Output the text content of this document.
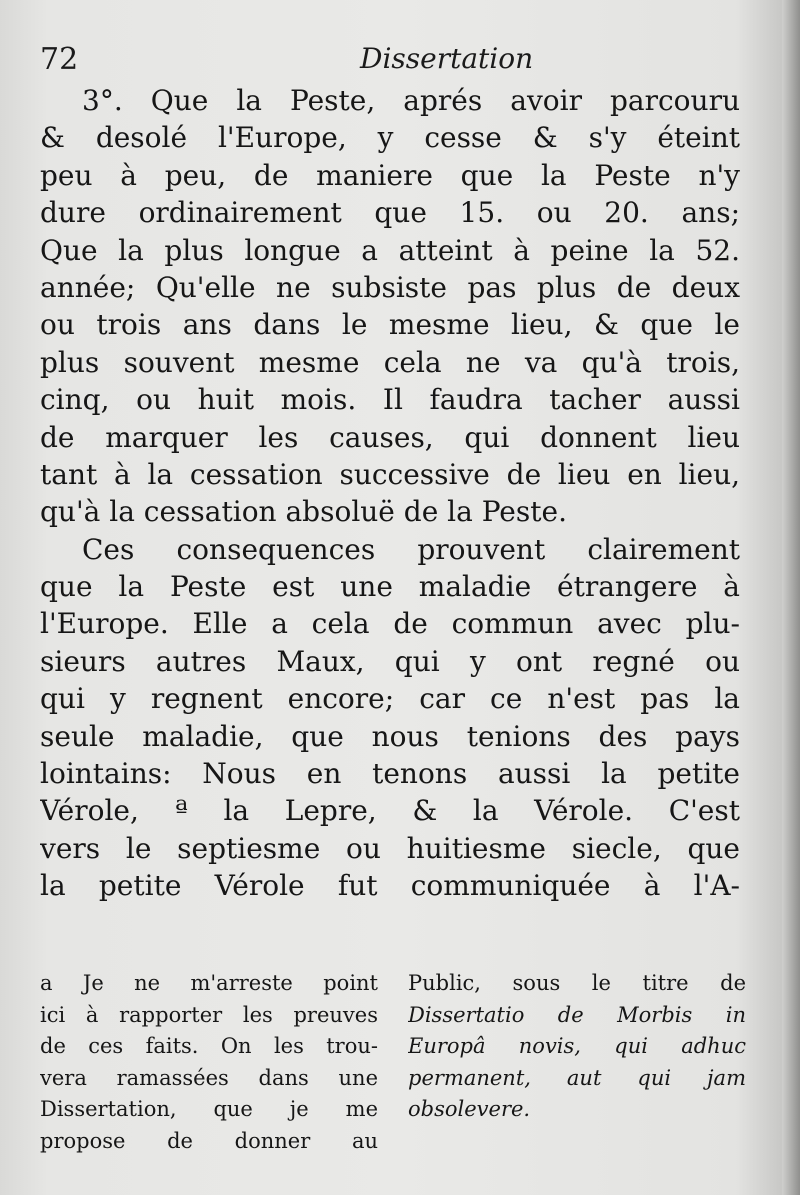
72	Dissertation
3°. Que la Peste, aprés avoir parcouru
& desolé l'Europe, y cesse & s'y éteint
peu à peu, de maniere que la Peste n'y
dure ordinairement que 15. ou 20. ans;
Que la plus longue a atteint à peine la 52.
année; Qu'elle ne subsiste pas plus de deux
ou trois ans dans le mesme lieu, & que le
plus souvent mesme cela ne va qu'à trois,
cinq, ou huit mois. Il faudra tacher aussi
de marquer les causes, qui donnent lieu
tant à la cessation successive de lieu en lieu,
qu'à la cessation absoluë de la Peste.
Ces consequences prouvent clairement
que la Peste est une maladie étrangere à
l'Europe. Elle a cela de commun avec plu-
sieurs autres Maux, qui y ont regné ou
qui y regnent encore; car ce n'est pas la
seule maladie, que nous tenions des pays
lointains: Nous en tenons aussi la petite
Vérole, ª la Lepre, & la Vérole. C'est
vers le septiesme ou huitiesme siecle, que
la petite Vérole fut communiquée à l'A-
a Je ne m'arreste point
ici à rapporter les preuves
de ces faits. On les trou-
vera ramassées dans une
Dissertation, que je me
propose de donner au
Public, sous le titre de
Dissertatio de Morbis in
Europâ novis, qui adhuc
permanent, aut qui jam
obsolevere.
